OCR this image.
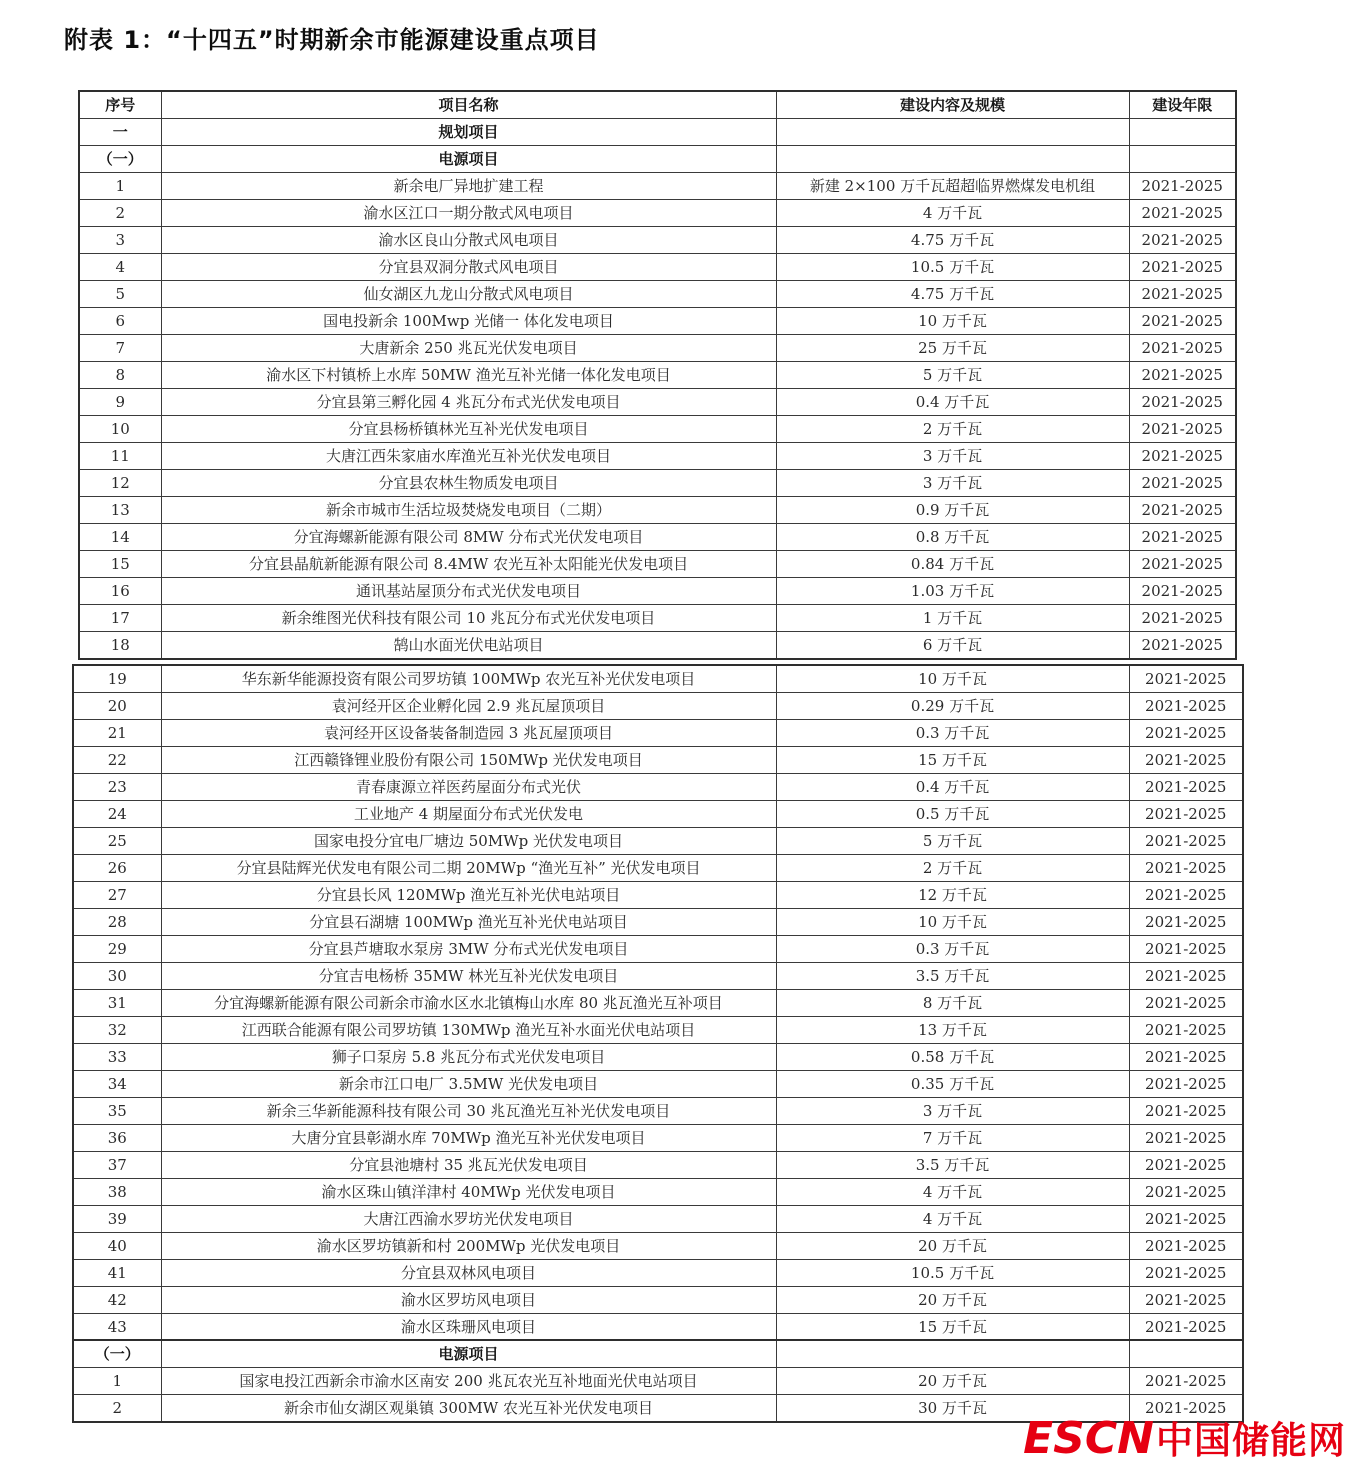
附表 1：“十四五”时期新余市能源建设重点项目
序号	项目名称	建设内容及规模	建设年限
一	规划项目		
（一）	电源项目		
1	新余电厂异地扩建工程	新建 2×100 万千瓦超超临界燃煤发电机组	2021-2025
2	渝水区江口一期分散式风电项目	4 万千瓦	2021-2025
3	渝水区良山分散式风电项目	4.75 万千瓦	2021-2025
4	分宜县双洞分散式风电项目	10.5 万千瓦	2021-2025
5	仙女湖区九龙山分散式风电项目	4.75 万千瓦	2021-2025
6	国电投新余 100Mwp 光储一 体化发电项目	10 万千瓦	2021-2025
7	大唐新余 250 兆瓦光伏发电项目	25 万千瓦	2021-2025
8	渝水区下村镇桥上水库 50MW 渔光互补光储一体化发电项目	5 万千瓦	2021-2025
9	分宜县第三孵化园 4 兆瓦分布式光伏发电项目	0.4 万千瓦	2021-2025
10	分宜县杨桥镇林光互补光伏发电项目	2 万千瓦	2021-2025
11	大唐江西朱家庙水库渔光互补光伏发电项目	3 万千瓦	2021-2025
12	分宜县农林生物质发电项目	3 万千瓦	2021-2025
13	新余市城市生活垃圾焚烧发电项目（二期）	0.9 万千瓦	2021-2025
14	分宜海螺新能源有限公司 8MW 分布式光伏发电项目	0.8 万千瓦	2021-2025
15	分宜县晶航新能源有限公司 8.4MW 农光互补太阳能光伏发电项目	0.84 万千瓦	2021-2025
16	通讯基站屋顶分布式光伏发电项目	1.03 万千瓦	2021-2025
17	新余维图光伏科技有限公司 10 兆瓦分布式光伏发电项目	1 万千瓦	2021-2025
18	鹄山水面光伏电站项目	6 万千瓦	2021-2025
19	华东新华能源投资有限公司罗坊镇 100MWp 农光互补光伏发电项目	10 万千瓦	2021-2025
20	袁河经开区企业孵化园 2.9 兆瓦屋顶项目	0.29 万千瓦	2021-2025
21	袁河经开区设备装备制造园 3 兆瓦屋顶项目	0.3 万千瓦	2021-2025
22	江西赣锋锂业股份有限公司 150MWp 光伏发电项目	15 万千瓦	2021-2025
23	青春康源立祥医药屋面分布式光伏	0.4 万千瓦	2021-2025
24	工业地产 4 期屋面分布式光伏发电	0.5 万千瓦	2021-2025
25	国家电投分宜电厂塘边 50MWp 光伏发电项目	5 万千瓦	2021-2025
26	分宜县陆辉光伏发电有限公司二期 20MWp “渔光互补” 光伏发电项目	2 万千瓦	2021-2025
27	分宜县长风 120MWp 渔光互补光伏电站项目	12 万千瓦	2021-2025
28	分宜县石湖塘 100MWp 渔光互补光伏电站项目	10 万千瓦	2021-2025
29	分宜县芦塘取水泵房 3MW 分布式光伏发电项目	0.3 万千瓦	2021-2025
30	分宜吉电杨桥 35MW 林光互补光伏发电项目	3.5 万千瓦	2021-2025
31	分宜海螺新能源有限公司新余市渝水区水北镇梅山水库 80 兆瓦渔光互补项目	8 万千瓦	2021-2025
32	江西联合能源有限公司罗坊镇 130MWp 渔光互补水面光伏电站项目	13 万千瓦	2021-2025
33	狮子口泵房 5.8 兆瓦分布式光伏发电项目	0.58 万千瓦	2021-2025
34	新余市江口电厂 3.5MW 光伏发电项目	0.35 万千瓦	2021-2025
35	新余三华新能源科技有限公司 30 兆瓦渔光互补光伏发电项目	3 万千瓦	2021-2025
36	大唐分宜县彰湖水库 70MWp 渔光互补光伏发电项目	7 万千瓦	2021-2025
37	分宜县池塘村 35 兆瓦光伏发电项目	3.5 万千瓦	2021-2025
38	渝水区珠山镇洋津村 40MWp 光伏发电项目	4 万千瓦	2021-2025
39	大唐江西渝水罗坊光伏发电项目	4 万千瓦	2021-2025
40	渝水区罗坊镇新和村 200MWp 光伏发电项目	20 万千瓦	2021-2025
41	分宜县双林风电项目	10.5 万千瓦	2021-2025
42	渝水区罗坊风电项目	20 万千瓦	2021-2025
43	渝水区珠珊风电项目	15 万千瓦	2021-2025
（一）	电源项目		
1	国家电投江西新余市渝水区南安 200 兆瓦农光互补地面光伏电站项目	20 万千瓦	2021-2025
2	新余市仙女湖区观巢镇 300MW 农光互补光伏发电项目	30 万千瓦	2021-2025
ESCN 中国储能网
